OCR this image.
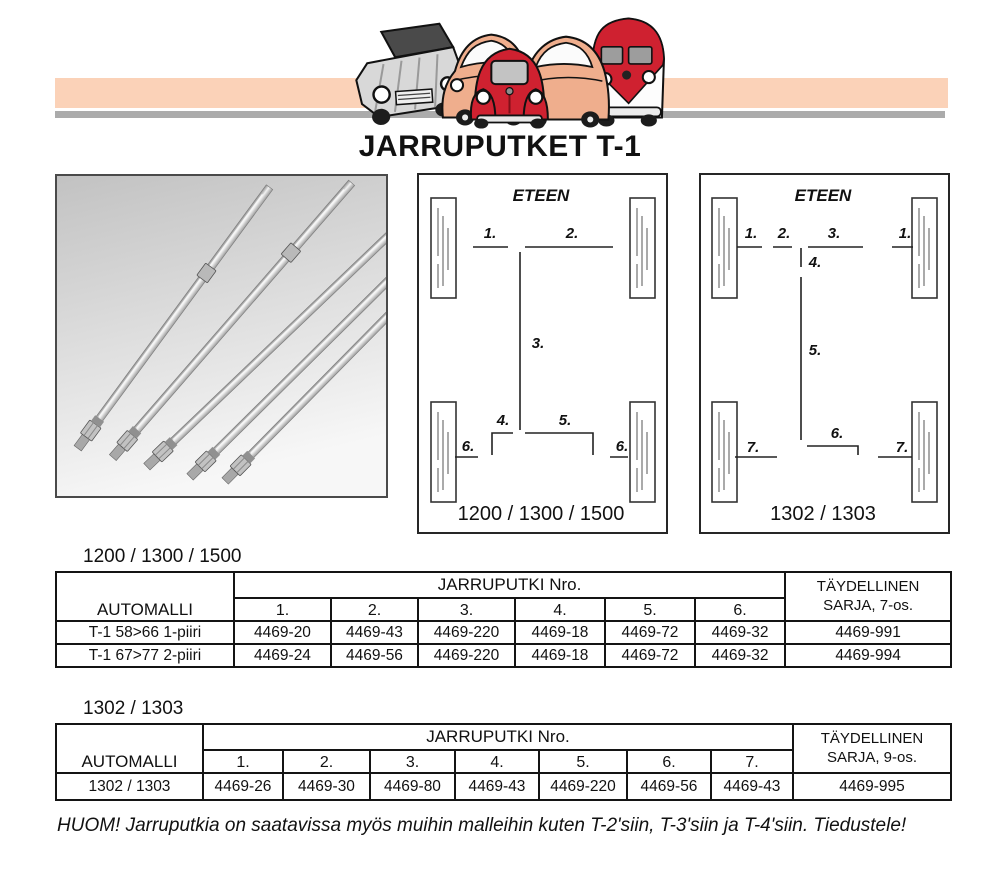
JARRUPUTKET T-1
ETEEN
1.	2.
3.
4.	5.
6.	6.
1200 / 1300 / 1500
ETEEN
1. 2. 3.	1.
4.
5.
6.
7.	7.
1302 / 1303
1200 / 1300 / 1500
AUTOMALLI	JARRUPUTKI Nro.						TÄYDELLINEN
SARJA, 7-os.

	1.	2.	3.	4.	5.	6.	
T-1 58>66 1-piiri	4469-20	4469-43	4469-220	4469-18	4469-72	4469-32	4469-991
T-1 67>77 2-piiri	4469-24	4469-56	4469-220	4469-18	4469-72	4469-32	4469-994
1302 / 1303
AUTOMALLI	JARRUPUTKI Nro.							TÄYDELLINEN
SARJA, 9-os.

	1.	2.	3.	4.	5.	6.	7.	
1302 / 1303	4469-26	4469-30	4469-80	4469-43	4469-220	4469-56	4469-43	4469-995
HUOM! Jarruputkia on saatavissa myös muihin malleihin kuten T-2'siin, T-3'siin ja T-4'siin. Tiedustele!
